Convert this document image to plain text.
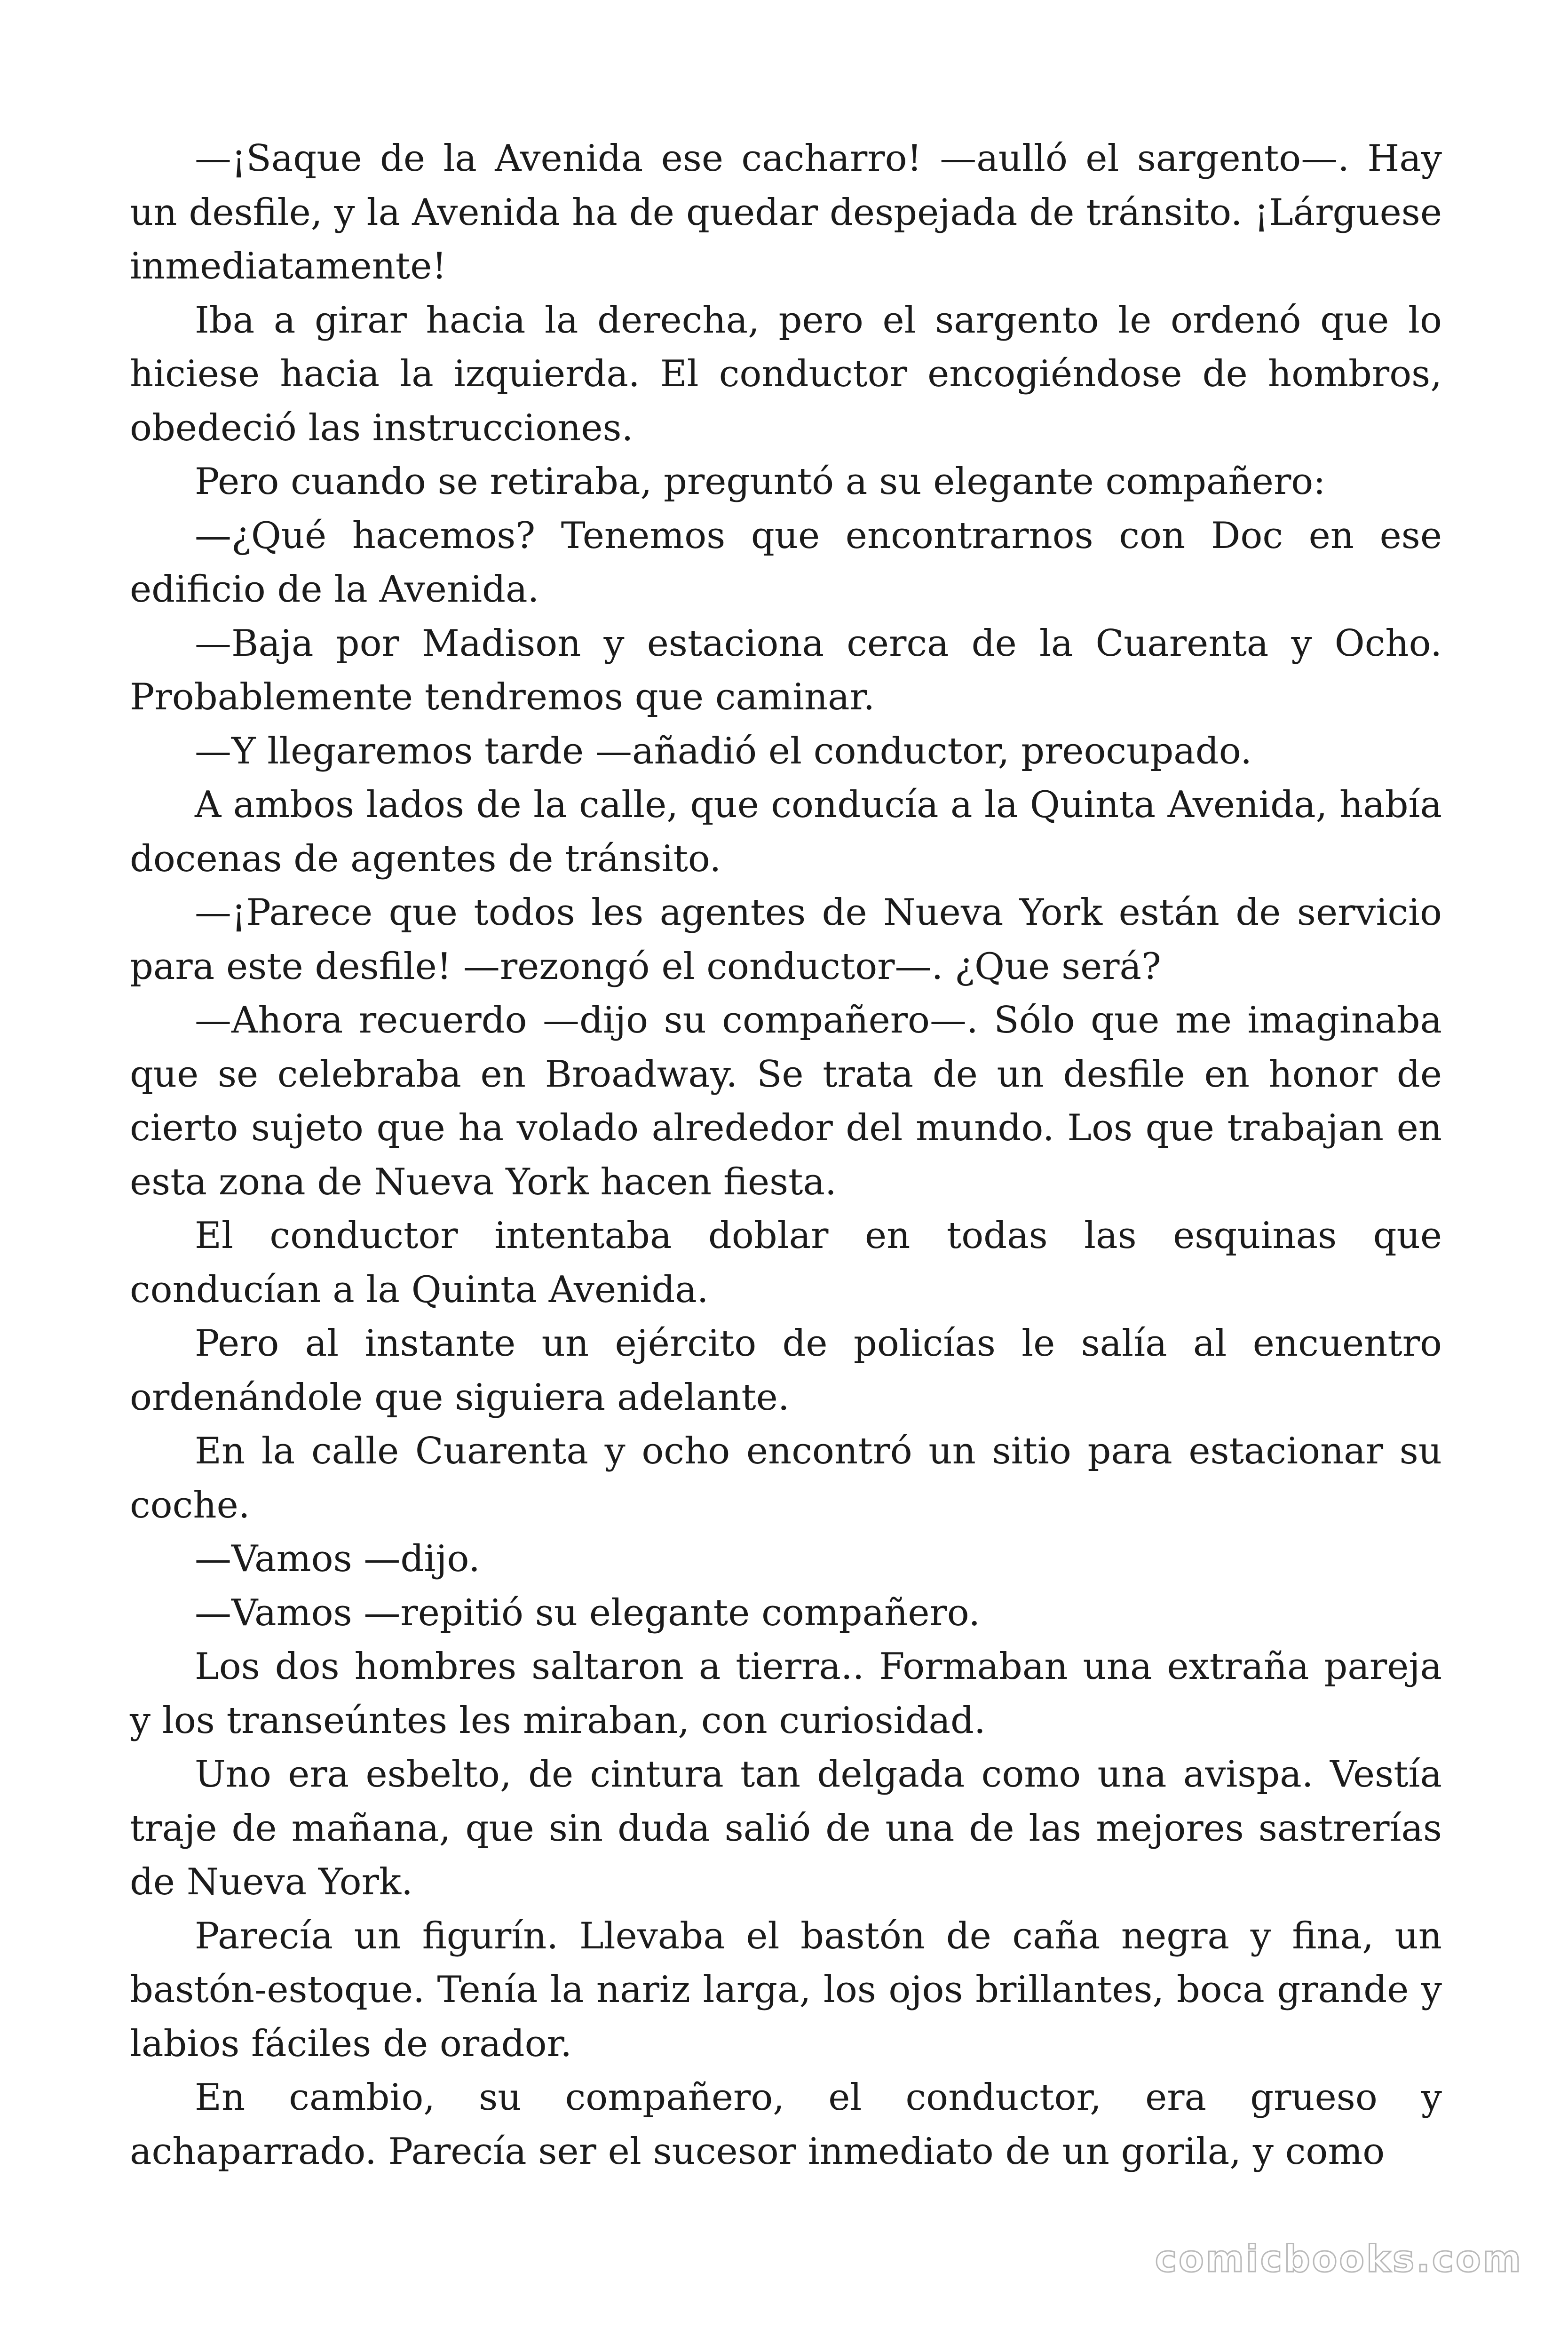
—¡Saque de la Avenida ese cacharro! —aulló el sargento—. Hay un desfile, y la Avenida ha de quedar despejada de tránsito. ¡Lárguese inmediatamente!

Iba a girar hacia la derecha, pero el sargento le ordenó que lo hiciese hacia la izquierda. El conductor encogiéndose de hombros, obedeció las instrucciones.

Pero cuando se retiraba, preguntó a su elegante compañero:

—¿Qué hacemos? Tenemos que encontrarnos con Doc en ese edificio de la Avenida.

—Baja por Madison y estaciona cerca de la Cuarenta y Ocho. Probablemente tendremos que caminar.

—Y llegaremos tarde —añadió el conductor, preocupado.

A ambos lados de la calle, que conducía a la Quinta Avenida, había docenas de agentes de tránsito.

—¡Parece que todos les agentes de Nueva York están de servicio para este desfile! —rezongó el conductor—. ¿Que será?

—Ahora recuerdo —dijo su compañero—. Sólo que me imaginaba que se celebraba en Broadway. Se trata de un desfile en honor de cierto sujeto que ha volado alrededor del mundo. Los que trabajan en esta zona de Nueva York hacen fiesta.

El conductor intentaba doblar en todas las esquinas que conducían a la Quinta Avenida.

Pero al instante un ejército de policías le salía al encuentro ordenándole que siguiera adelante.

En la calle Cuarenta y ocho encontró un sitio para estacionar su coche.

—Vamos —dijo.

—Vamos —repitió su elegante compañero.

Los dos hombres saltaron a tierra.. Formaban una extraña pareja y los transeúntes les miraban, con curiosidad.

Uno era esbelto, de cintura tan delgada como una avispa. Vestía traje de mañana, que sin duda salió de una de las mejores sastrerías de Nueva York.

Parecía un figurín. Llevaba el bastón de caña negra y fina, un bastón-estoque. Tenía la nariz larga, los ojos brillantes, boca grande y labios fáciles de orador.

En cambio, su compañero, el conductor, era grueso y achaparrado. Parecía ser el sucesor inmediato de un gorila, y como

comicbooks.com
